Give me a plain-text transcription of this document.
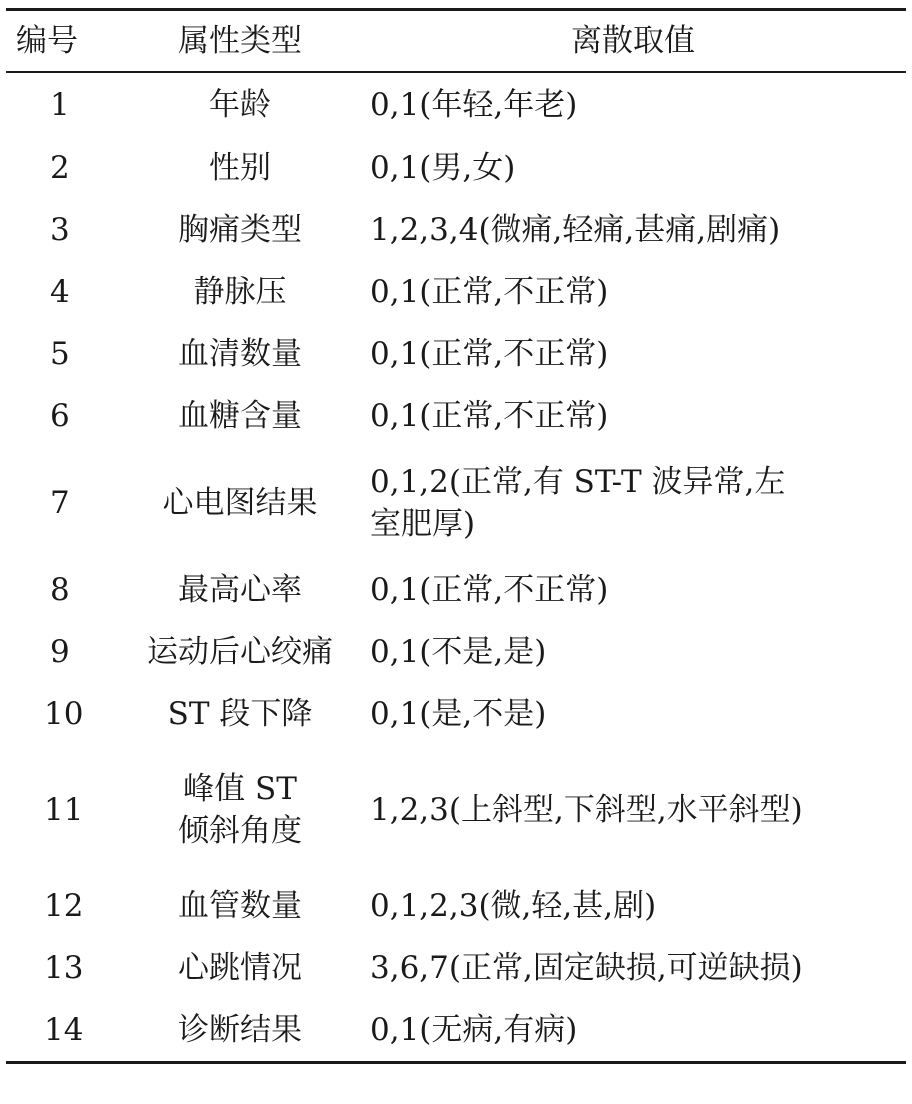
编号	属性类型	离散取值
1	年龄	0,1(年轻,年老)
2	性别	0,1(男,女)
3	胸痛类型	1,2,3,4(微痛,轻痛,甚痛,剧痛)
4	静脉压	0,1(正常,不正常)
5	血清数量	0,1(正常,不正常)
6	血糖含量	0,1(正常,不正常)
7	心电图结果	0,1,2(正常,有 ST-T 波异常,左
室肥厚)

8	最高心率	0,1(正常,不正常)
9	运动后心绞痛	0,1(不是,是)
10	ST 段下降	0,1(是,不是)
11	峰值 ST
倾斜角度	1,2,3(上斜型,下斜型,水平斜型)
12	血管数量	0,1,2,3(微,轻,甚,剧)
13	心跳情况	3,6,7(正常,固定缺损,可逆缺损)
14	诊断结果	0,1(无病,有病)
